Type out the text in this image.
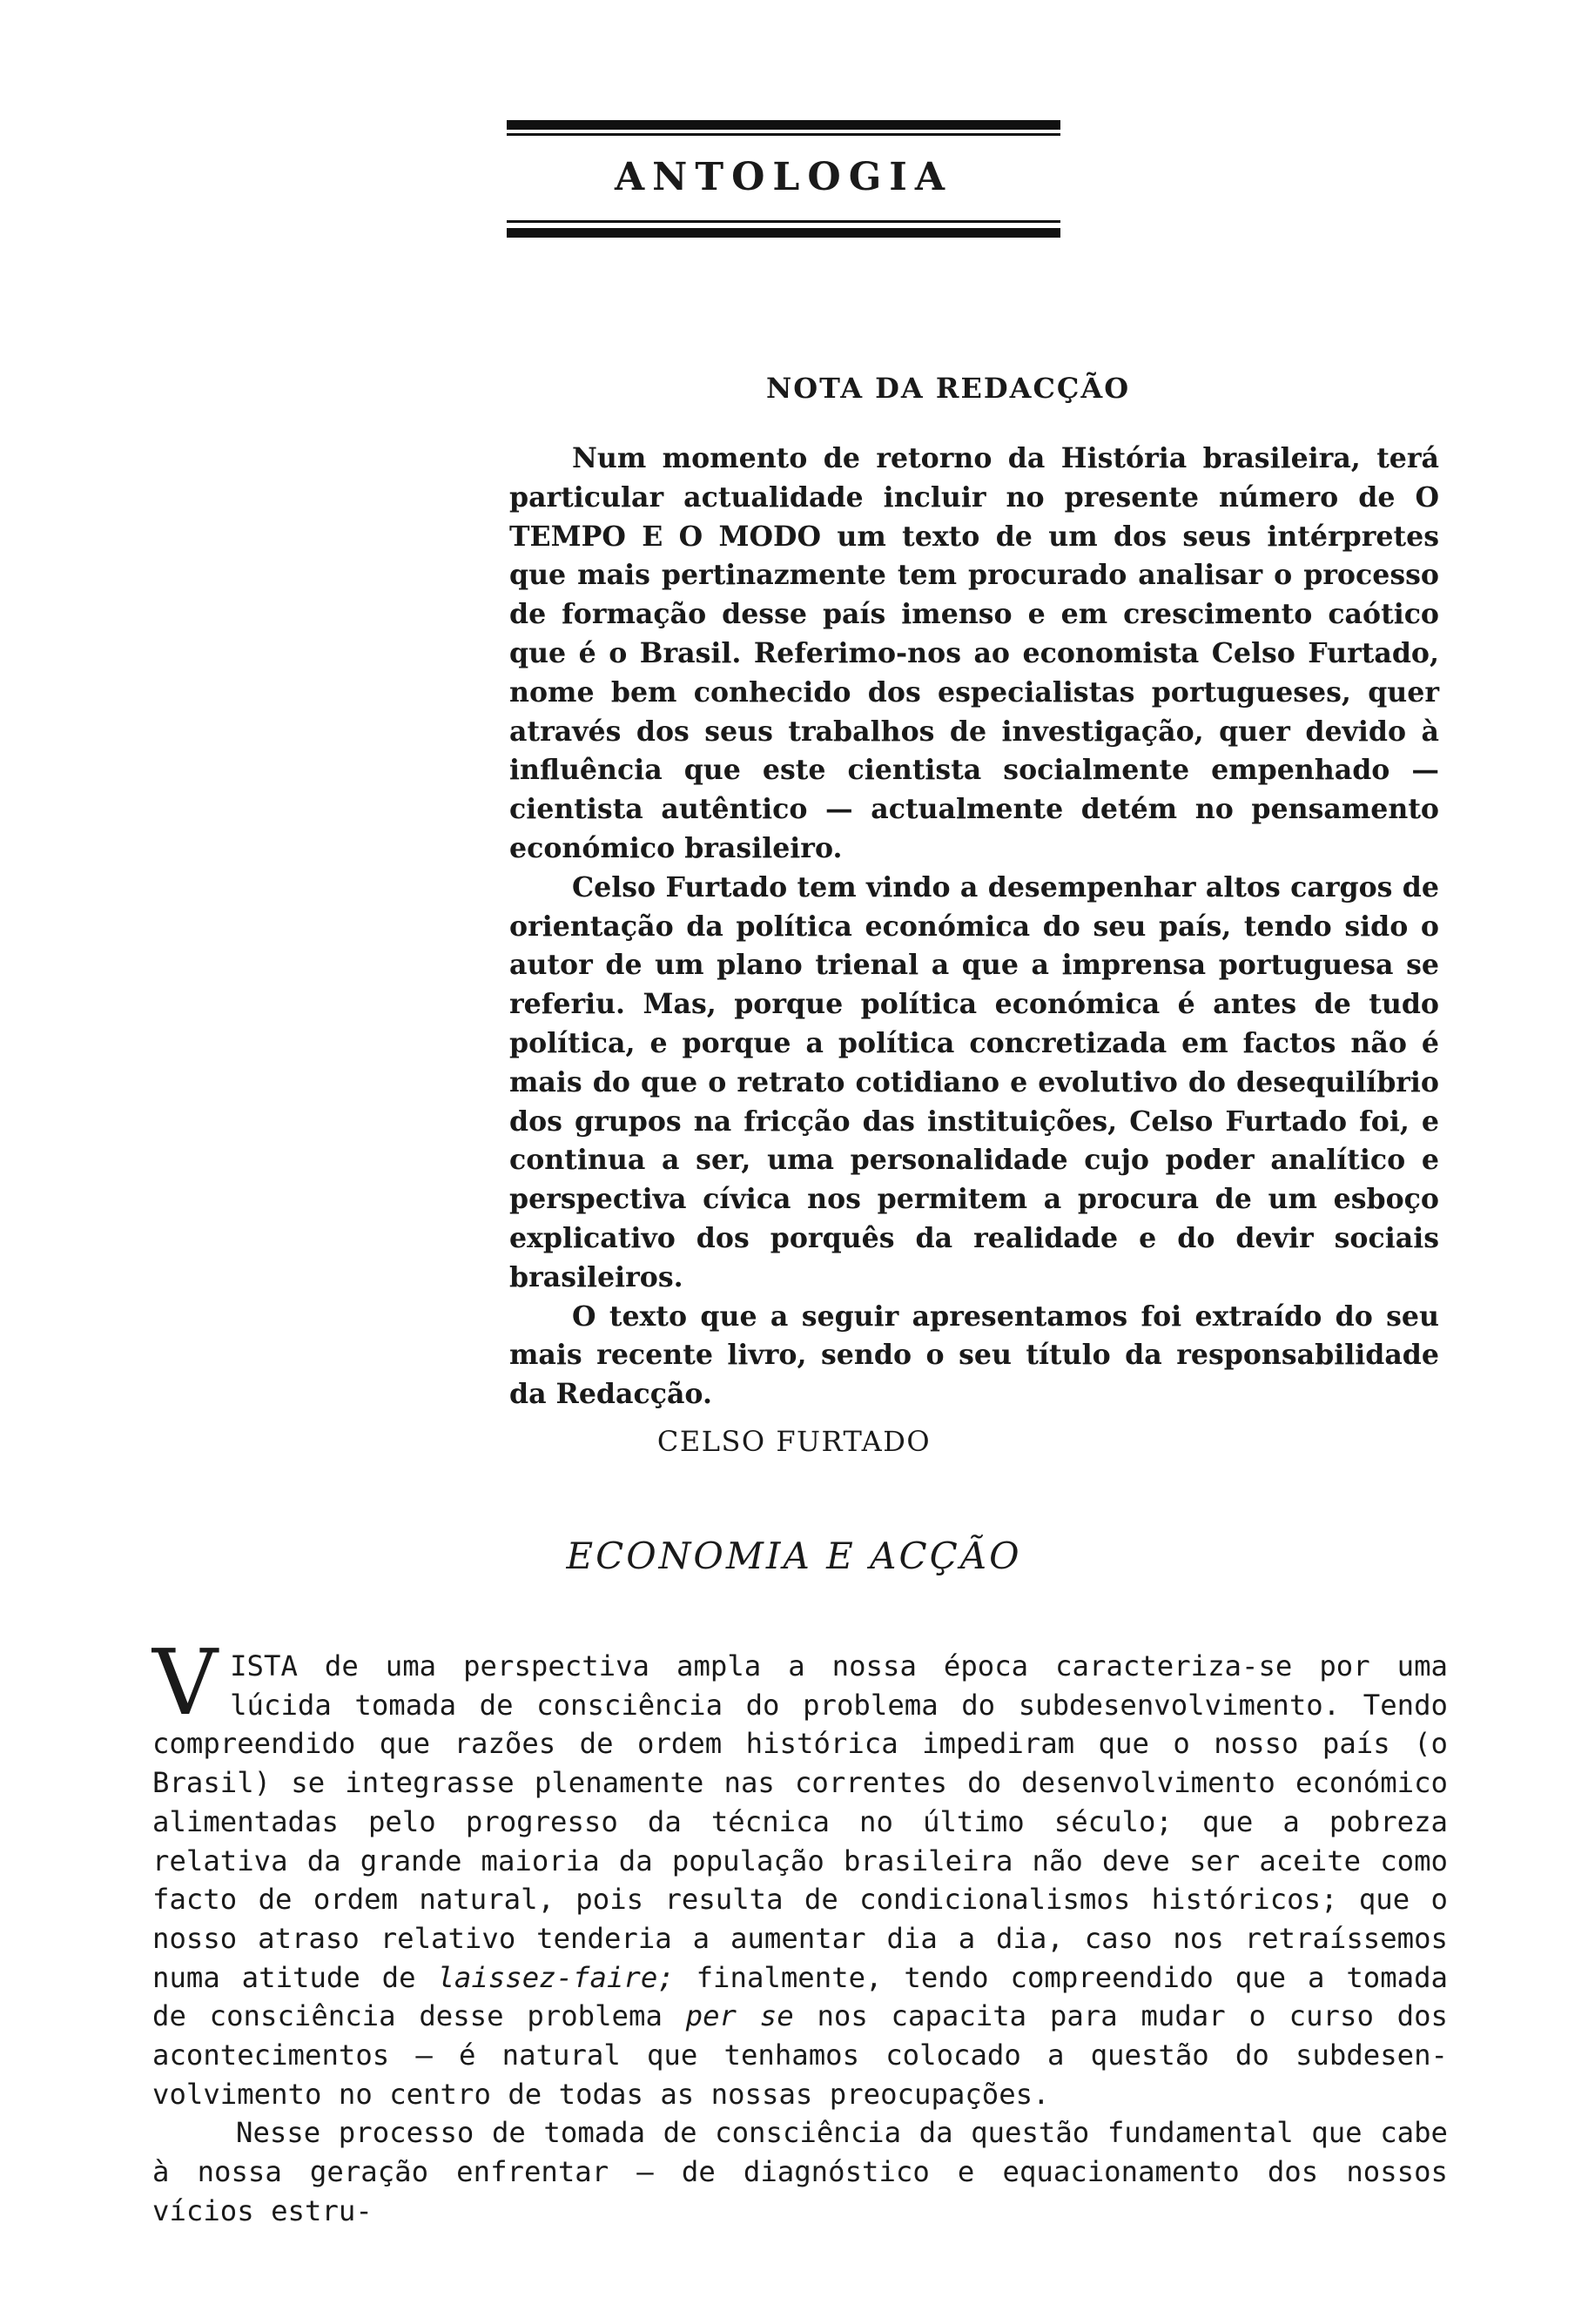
ANTOLOGIA
NOTA DA REDACÇÃO

Num momento de retorno da História brasileira, terá particular actualidade incluir no presente número de O TEMPO E O MODO um texto de um dos seus intérpretes que mais pertinazmente tem procurado analisar o processo de formação desse país imenso e em crescimento caótico que é o Brasil. Referimo-nos ao economista Celso Furtado, nome bem conhecido dos especialistas portugueses, quer através dos seus trabalhos de investigação, quer devido à influência que este cientista socialmente empenhado — cientista autêntico — actualmente detém no pensamento económico brasileiro.

Celso Furtado tem vindo a desempenhar altos cargos de orientação da política económica do seu país, tendo sido o autor de um plano trienal a que a imprensa portuguesa se referiu. Mas, porque política económica é antes de tudo política, e porque a política concretizada em factos não é mais do que o retrato cotidiano e evolutivo do desequilíbrio dos grupos na fricção das instituições, Celso Furtado foi, e continua a ser, uma personalidade cujo poder analítico e perspectiva cívica nos permitem a procura de um esboço explicativo dos porquês da realidade e do devir sociais brasileiros.

O texto que a seguir apresentamos foi extraído do seu mais recente livro, sendo o seu título da responsabilidade da Redacção.

CELSO FURTADO
ECONOMIA E ACÇÃO

VISTA de uma perspectiva ampla a nossa época caracteriza-se por uma lúcida tomada de consciência do problema do subdesenvolvimento. Tendo compreendido que razões de ordem histórica impediram que o nosso país (o Brasil) se integrasse plenamente nas correntes do desenvolvimento económico alimentadas pelo progresso da técnica no último século; que a pobreza relativa da grande maioria da população brasileira não deve ser aceite como facto de ordem natural, pois resulta de condicionalismos históricos; que o nosso atraso relativo tenderia a aumentar dia a dia, caso nos retraíssemos numa atitude de laissez-faire; finalmente, tendo compreendido que a tomada de consciência desse problema per se nos capacita para mudar o curso dos acontecimentos — é natural que tenhamos colocado a questão do subdesenvolvimento no centro de todas as nossas preocupações.

Nesse processo de tomada de consciência da questão fundamental que cabe à nossa geração enfrentar — de diagnóstico e equacionamento dos nossos vícios estru-
